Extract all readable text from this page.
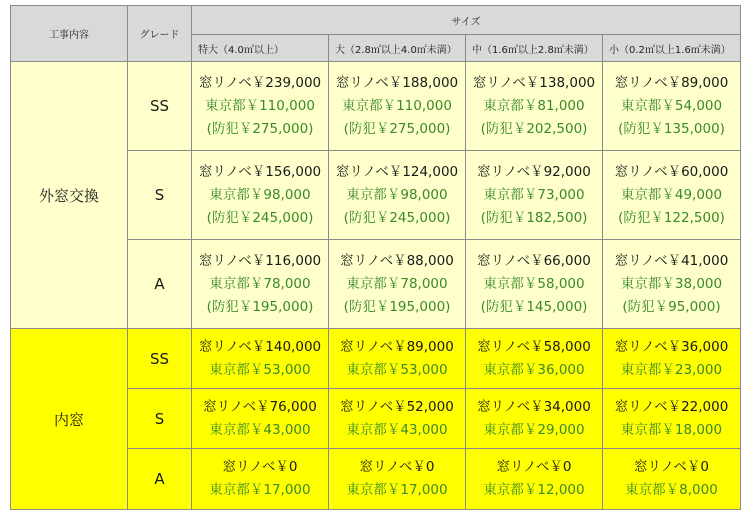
工事内容	グレード	サイズ			
		特大（4.0㎡以上）	大（2.8㎡以上4.0㎡未満）	中（1.6㎡以上2.8㎡未満）	小（0.2㎡以上1.6㎡未満）
外窓交換	SS	窓リノベ￥239,000
東京都￥110,000
(防犯￥275,000)	窓リノベ￥188,000
東京都￥110,000
(防犯￥275,000)	窓リノベ￥138,000
東京都￥81,000
(防犯￥202,500)	窓リノベ￥89,000
東京都￥54,000
(防犯￥135,000)

	S	窓リノベ￥156,000
東京都￥98,000
(防犯￥245,000)	窓リノベ￥124,000
東京都￥98,000
(防犯￥245,000)	窓リノベ￥92,000
東京都￥73,000
(防犯￥182,500)	窓リノベ￥60,000
東京都￥49,000
(防犯￥122,500)

	A	窓リノベ￥116,000
東京都￥78,000
(防犯￥195,000)	窓リノベ￥88,000
東京都￥78,000
(防犯￥195,000)	窓リノベ￥66,000
東京都￥58,000
(防犯￥145,000)	窓リノベ￥41,000
東京都￥38,000
(防犯￥95,000)

内窓	SS	窓リノベ￥140,000
東京都￥53,000	窓リノベ￥89,000
東京都￥53,000	窓リノベ￥58,000
東京都￥36,000	窓リノベ￥36,000
東京都￥23,000

	S	窓リノベ￥76,000
東京都￥43,000	窓リノベ￥52,000
東京都￥43,000	窓リノベ￥34,000
東京都￥29,000	窓リノベ￥22,000
東京都￥18,000

	A	窓リノベ￥0
東京都￥17,000	窓リノベ￥0
東京都￥17,000	窓リノベ￥0
東京都￥12,000	窓リノベ￥0
東京都￥8,000
